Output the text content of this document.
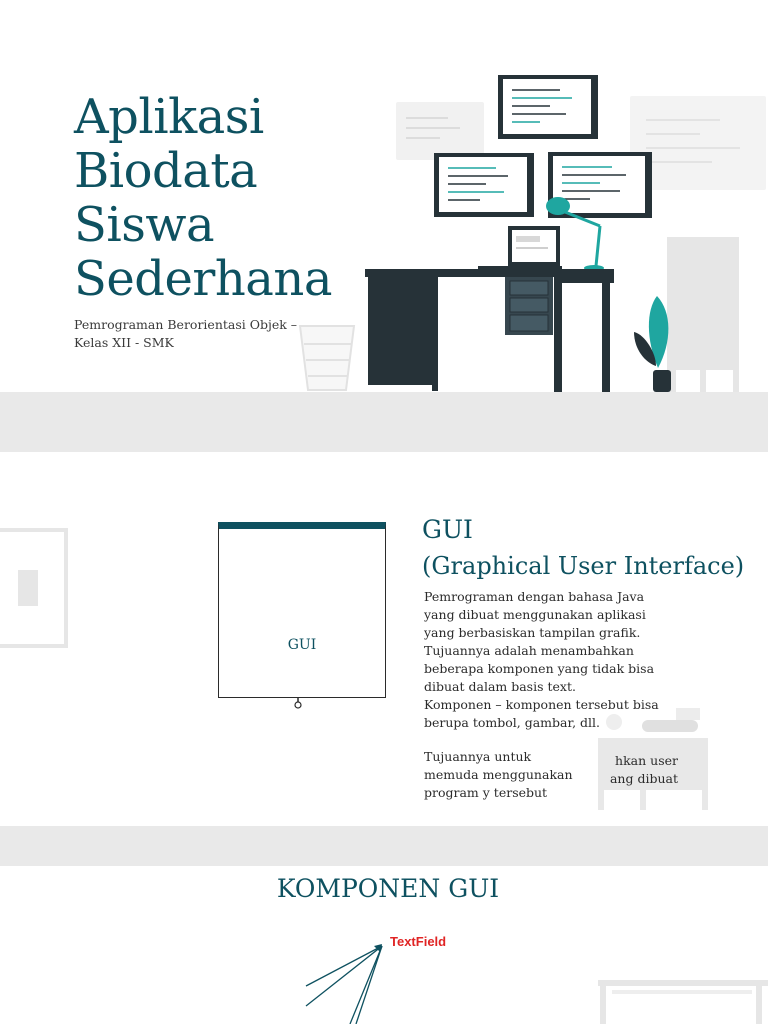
Aplikasi
Biodata
Siswa
Sederhana
Pemrograman Berorientasi Objek –
Kelas XII - SMK
GUI
GUI
(Graphical User Interface)
Pemrograman dengan bahasa Java
yang dibuat menggunakan aplikasi
yang berbasiskan tampilan grafik.
Tujuannya adalah menambahkan
beberapa komponen yang tidak bisa
dibuat dalam basis text.
Komponen – komponen tersebut bisa
berupa tombol, gambar, dll.
Tujuannya untuk
memuda menggunakan
program y tersebut
hkan user
ang dibuat
KOMPONEN GUI
TextField
